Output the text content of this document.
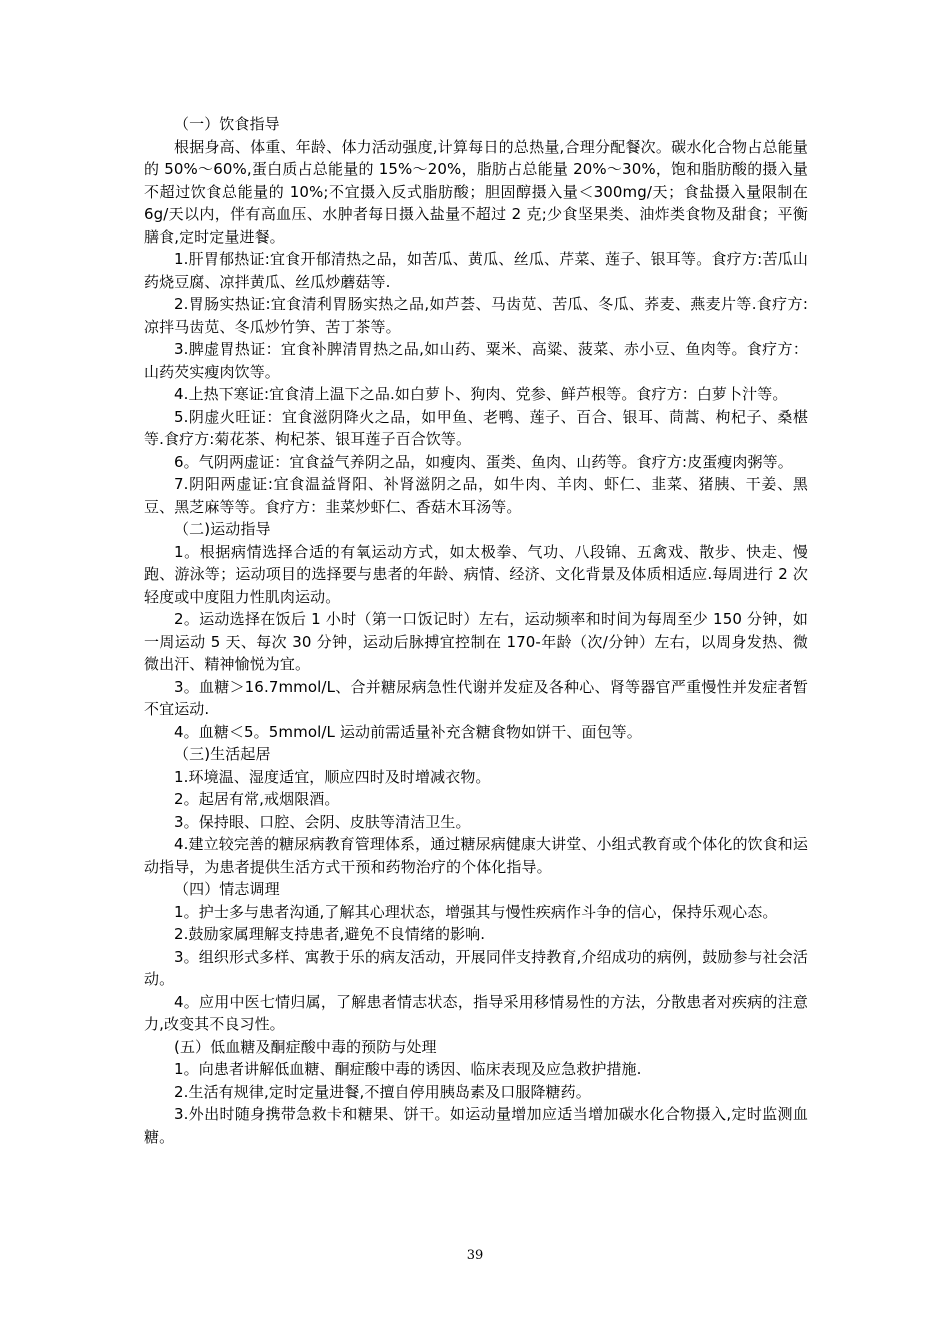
（一）饮食指导

根据身高、体重、年龄、体力活动强度,计算每日的总热量,合理分配餐次。碳水化合物占总能量的 50%～60%,蛋白质占总能量的 15%～20%，脂肪占总能量 20%～30%，饱和脂肪酸的摄入量不超过饮食总能量的 10%;不宜摄入反式脂肪酸；胆固醇摄入量＜300mg/天；食盐摄入量限制在 6g/天以内，伴有高血压、水肿者每日摄入盐量不超过 2 克;少食坚果类、油炸类食物及甜食；平衡膳食,定时定量进餐。

1.肝胃郁热证:宜食开郁清热之品，如苦瓜、黄瓜、丝瓜、芹菜、莲子、银耳等。食疗方:苦瓜山药烧豆腐、凉拌黄瓜、丝瓜炒蘑菇等.

2.胃肠实热证:宜食清利胃肠实热之品,如芦荟、马齿苋、苦瓜、冬瓜、荞麦、燕麦片等.食疗方:凉拌马齿苋、冬瓜炒竹笋、苦丁茶等。

3.脾虚胃热证：宜食补脾清胃热之品,如山药、粟米、高粱、菠菜、赤小豆、鱼肉等。食疗方：山药芡实瘦肉饮等。

4.上热下寒证:宜食清上温下之品.如白萝卜、狗肉、党参、鲜芦根等。食疗方：白萝卜汁等。

5.阴虚火旺证：宜食滋阴降火之品，如甲鱼、老鸭、莲子、百合、银耳、茼蒿、枸杞子、桑椹等.食疗方:菊花茶、枸杞茶、银耳莲子百合饮等。

6。气阴两虚证：宜食益气养阴之品，如瘦肉、蛋类、鱼肉、山药等。食疗方:皮蛋瘦肉粥等。

7.阴阳两虚证:宜食温益肾阳、补肾滋阴之品，如牛肉、羊肉、虾仁、韭菜、猪胰、干姜、黑豆、黑芝麻等等。食疗方：韭菜炒虾仁、香菇木耳汤等。

（二)运动指导

1。根据病情选择合适的有氧运动方式，如太极拳、气功、八段锦、五禽戏、散步、快走、慢跑、游泳等；运动项目的选择要与患者的年龄、病情、经济、文化背景及体质相适应.每周进行 2 次轻度或中度阻力性肌肉运动。

2。运动选择在饭后 1 小时（第一口饭记时）左右，运动频率和时间为每周至少 150 分钟，如一周运动 5 天、每次 30 分钟，运动后脉搏宜控制在 170-年龄（次/分钟）左右，以周身发热、微微出汗、精神愉悦为宜。

3。血糖＞16.7mmol/L、合并糖尿病急性代谢并发症及各种心、肾等器官严重慢性并发症者暂不宜运动.

4。血糖＜5。5mmol/L 运动前需适量补充含糖食物如饼干、面包等。

（三)生活起居

1.环境温、湿度适宜，顺应四时及时增减衣物。

2。起居有常,戒烟限酒。

3。保持眼、口腔、会阴、皮肤等清洁卫生。

4.建立较完善的糖尿病教育管理体系，通过糖尿病健康大讲堂、小组式教育或个体化的饮食和运动指导，为患者提供生活方式干预和药物治疗的个体化指导。

（四）情志调理

1。护士多与患者沟通,了解其心理状态，增强其与慢性疾病作斗争的信心，保持乐观心态。

2.鼓励家属理解支持患者,避免不良情绪的影响.

3。组织形式多样、寓教于乐的病友活动，开展同伴支持教育,介绍成功的病例，鼓励参与社会活动。

4。应用中医七情归属，了解患者情志状态，指导采用移情易性的方法，分散患者对疾病的注意力,改变其不良习性。

(五）低血糖及酮症酸中毒的预防与处理

1。向患者讲解低血糖、酮症酸中毒的诱因、临床表现及应急救护措施.

2.生活有规律,定时定量进餐,不擅自停用胰岛素及口服降糖药。

3.外出时随身携带急救卡和糖果、饼干。如运动量增加应适当增加碳水化合物摄入,定时监测血糖。

39
